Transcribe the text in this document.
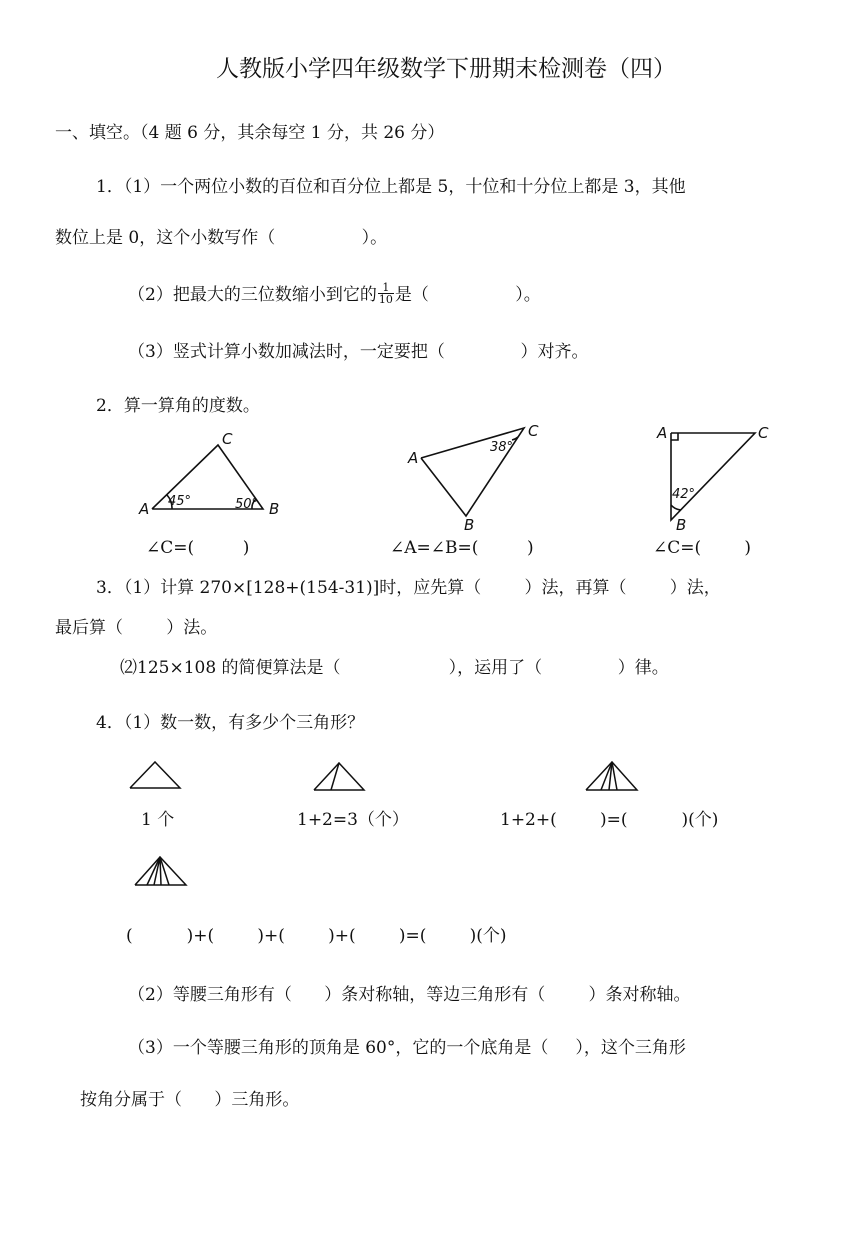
人教版小学四年级数学下册期末检测卷（四）
一、填空。（4 题 6 分，其余每空 1 分，共 26 分）
1．（1）一个两位小数的百位和百分位上都是 5，十位和十分位上都是 3，其他
数位上是 0，这个小数写作（                ）。
（2）把最大的三位数缩小到它的 $\frac{1}{10}$ 是（                ）。
（3）竖式计算小数加减法时，一定要把（              ）对齐。
2．算一算角的度数。
C
A	B
45°	50°
C
A
B
38°
A	C
B
42°
∠C=(         )	∠A=∠B=(         )	∠C=(        )
3．（1）计算 270×[128+(154-31)]时，应先算（        ）法，再算（        ）法，
最后算（        ）法。
⑵125×108 的简便算法是（                    ），运用了（              ）律。
4．（1）数一数，有多少个三角形？
1 个	1+2=3（个）	1+2+(        )=(          )(个)
(          )+(        )+(        )+(        )=(        )(个)
（2）等腰三角形有（      ）条对称轴，等边三角形有（        ）条对称轴。
（3）一个等腰三角形的顶角是 60°，它的一个底角是（     ），这个三角形
按角分属于（      ）三角形。
